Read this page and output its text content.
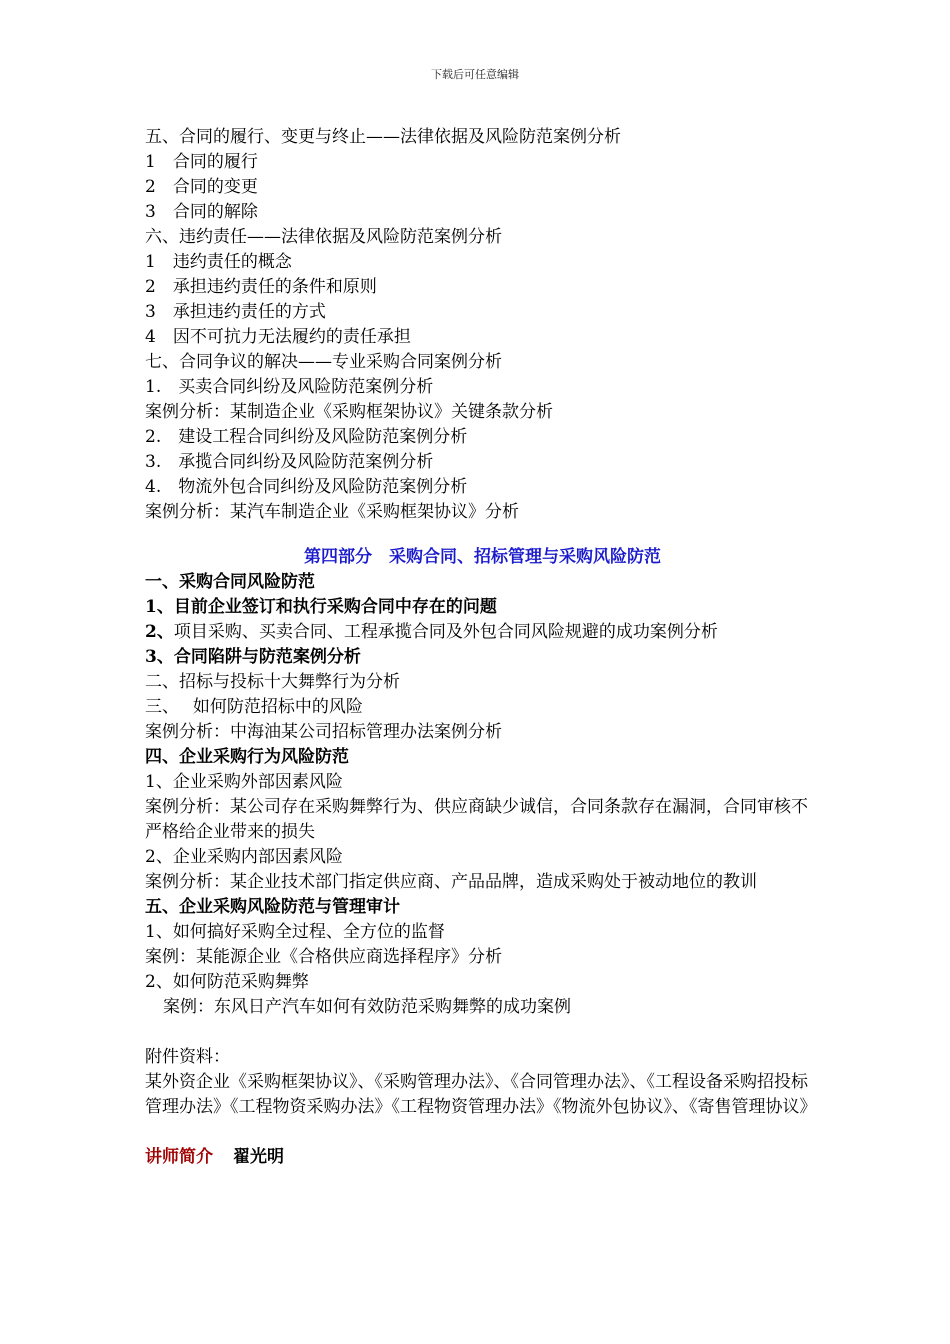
下载后可任意编辑
五、合同的履行、变更与终止——法律依据及风险防范案例分析
1　合同的履行
2　合同的变更
3　合同的解除
六、违约责任——法律依据及风险防范案例分析
1　违约责任的概念
2　承担违约责任的条件和原则
3　承担违约责任的方式
4　因不可抗力无法履约的责任承担
七、合同争议的解决——专业采购合同案例分析
1.　买卖合同纠纷及风险防范案例分析
案例分析：某制造企业《采购框架协议》关键条款分析
2.　建设工程合同纠纷及风险防范案例分析
3.　承揽合同纠纷及风险防范案例分析
4.　物流外包合同纠纷及风险防范案例分析
案例分析：某汽车制造企业《采购框架协议》分析
第四部分　采购合同、招标管理与采购风险防范
一、采购合同风险防范
1、目前企业签订和执行采购合同中存在的问题
2、项目采购、买卖合同、工程承揽合同及外包合同风险规避的成功案例分析
3、合同陷阱与防范案例分析
二、招标与投标十大舞弊行为分析
三、　 如何防范招标中的风险
案例分析：中海油某公司招标管理办法案例分析
四、企业采购行为风险防范
1、企业采购外部因素风险
案例分析：某公司存在采购舞弊行为、供应商缺少诚信，合同条款存在漏洞，合同审核不严格给企业带来的损失
2、企业采购内部因素风险
案例分析：某企业技术部门指定供应商、产品品牌，造成采购处于被动地位的教训
五、企业采购风险防范与管理审计
1、如何搞好采购全过程、全方位的监督
案例：某能源企业《合格供应商选择程序》分析
2、如何防范采购舞弊
案例：东风日产汽车如何有效防范采购舞弊的成功案例
附件资料：
某外资企业《采购框架协议》、《采购管理办法》、《合同管理办法》、《工程设备采购招投标管理办法》《工程物资采购办法》《工程物资管理办法》《物流外包协议》、《寄售管理协议》
讲师简介 翟光明
